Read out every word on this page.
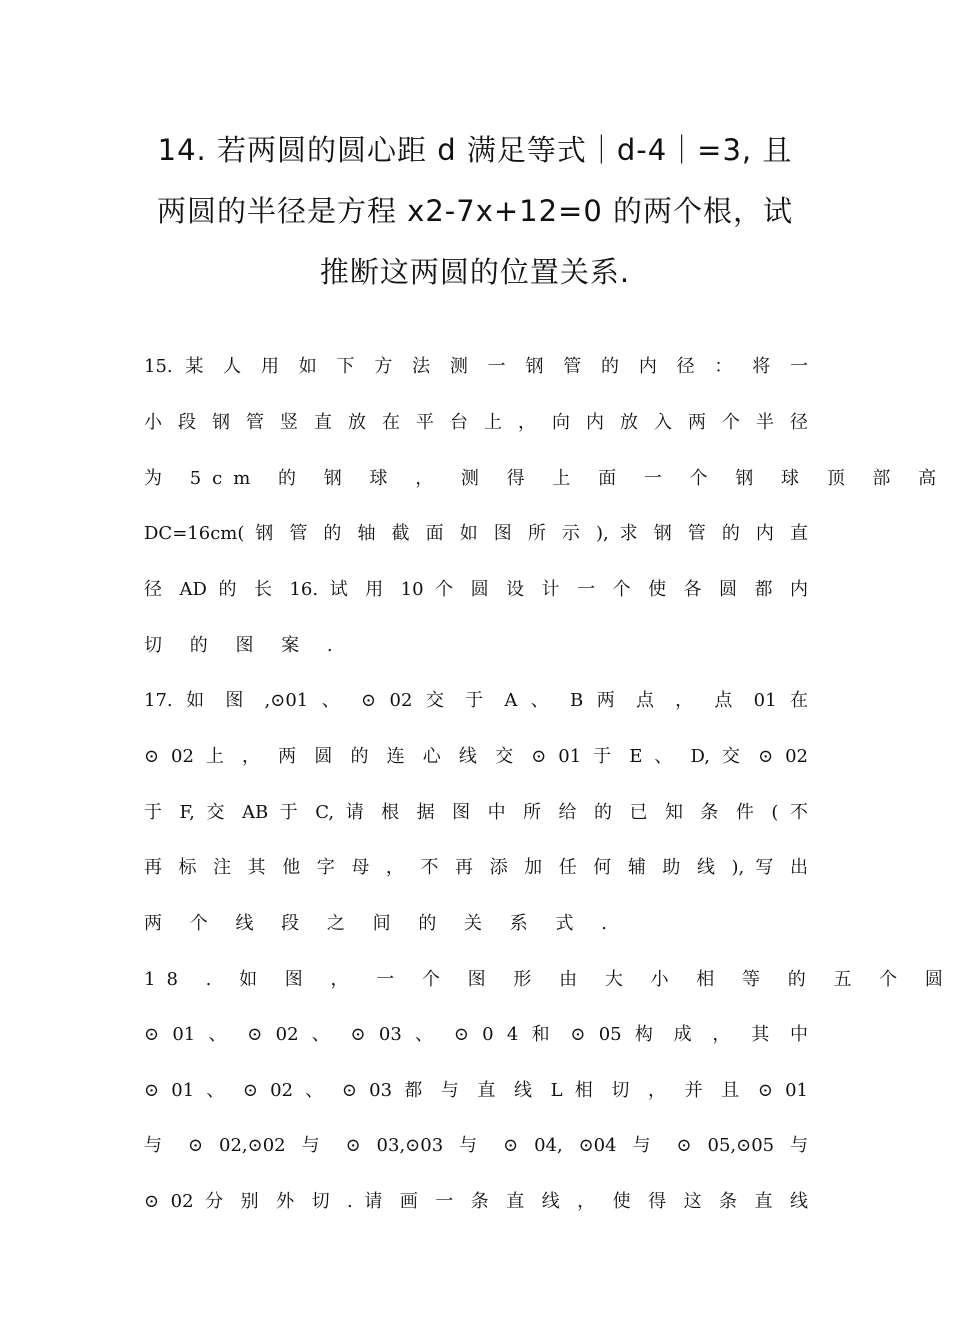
14. 若两圆的圆心距 d 满足等式｜d-4｜=3, 且
两圆的半径是方程 x2-7x+12=0 的两个根，试
推断这两圆的位置关系.
15. 某 人 用 如 下 方 法 测 一 钢 管 的 内 径 ： 将 一
小 段 钢 管 竖 直 放 在 平 台 上 ， 向 内 放 入 两 个 半 径
为 5cm 的 钢 球 ， 测 得 上 面 一 个 钢 球 顶 部 高
DC=16cm( 钢 管 的 轴 截 面 如 图 所 示 ), 求 钢 管 的 内 直
径 AD 的 长 16. 试 用 10 个 圆 设 计 一 个 使 各 圆 都 内
切 的 图 案 .
17. 如 图 ,⊙01 、 ⊙ 02 交 于 A 、 B 两 点 ， 点 01 在
⊙ 02 上 ， 两 圆 的 连 心 线 交 ⊙ 01 于 E 、 D, 交 ⊙ 02
于 F, 交 AB 于 C, 请 根 据 图 中 所 给 的 已 知 条 件 ( 不
再 标 注 其 他 字 母 ， 不 再 添 加 任 何 辅 助 线 ), 写 出
两 个 线 段 之 间 的 关 系 式 .
18 . 如 图 ， 一 个 图 形 由 大 小 相 等 的 五 个 圆
⊙ 01 、 ⊙ 02 、 ⊙ 03 、 ⊙ 0 4 和 ⊙ 05 构 成 ， 其 中
⊙ 01 、 ⊙ 02 、 ⊙ 03 都 与 直 线 L 相 切 ， 并 且 ⊙ 01
与 ⊙ 02,⊙02 与 ⊙ 03,⊙03 与 ⊙ 04, ⊙04 与 ⊙ 05,⊙05 与
⊙ 02 分 别 外 切 . 请 画 一 条 直 线 ， 使 得 这 条 直 线
